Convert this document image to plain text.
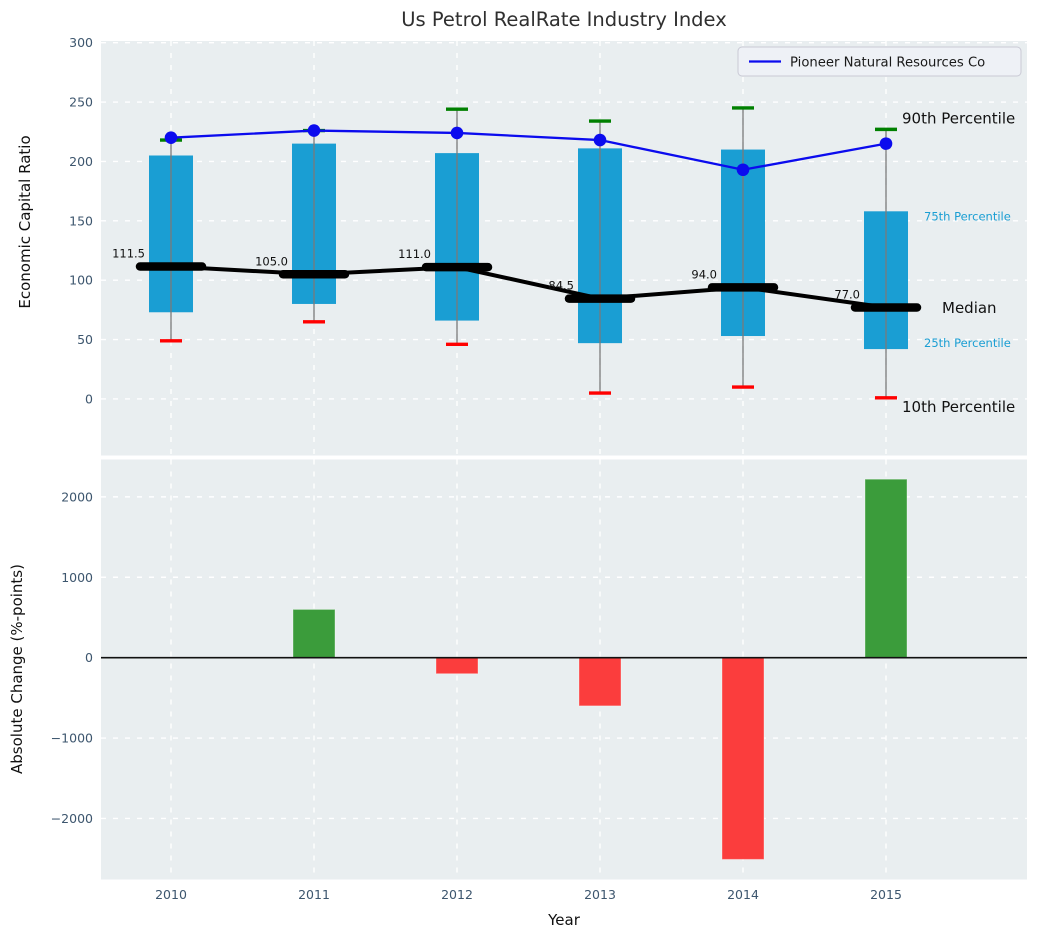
111.5
105.0
111.0
84.5
94.0
77.0
90th Percentile
75th Percentile
Median
25th Percentile
10th Percentile
Pioneer Natural Resources Co
Us Petrol RealRate Industry Index
0
50
100
150
200
250
300
−2000
−1000
0
1000
2000
2010	2011	2012	2013	2014	2015
Year
Economic Capital Ratio
Absolute Change (%-points)
